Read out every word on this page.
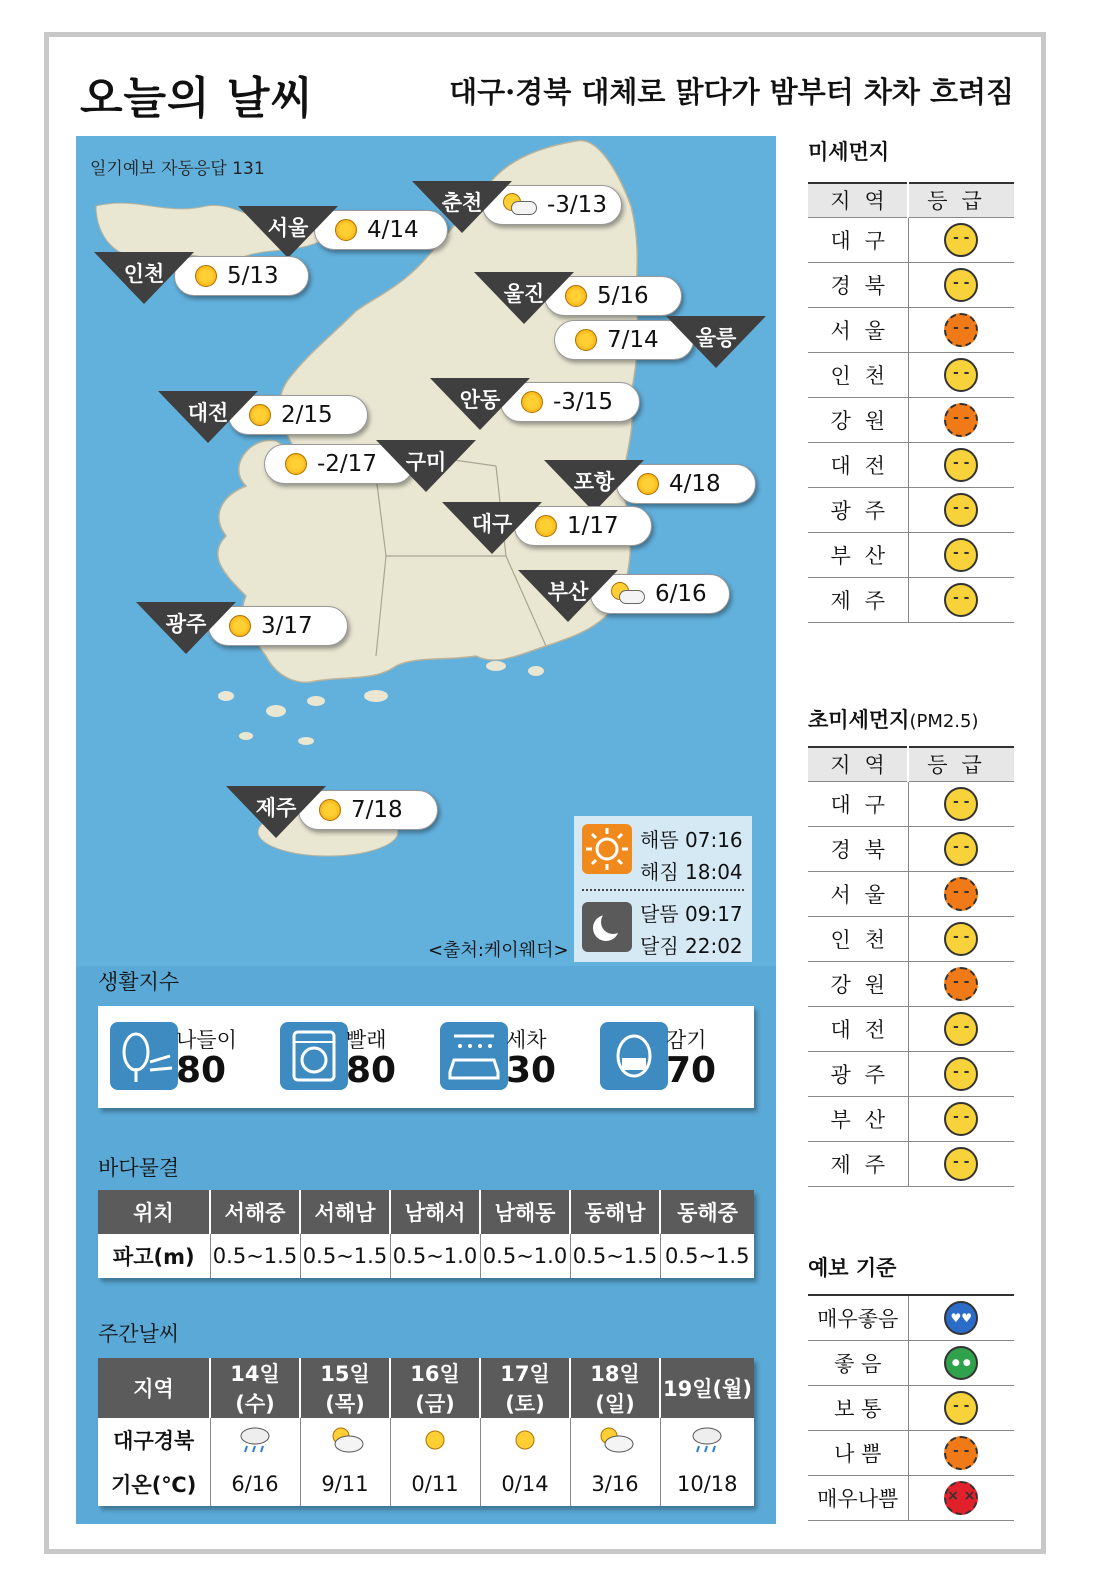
오늘의 날씨	대구·경북 대체로 맑다가 밤부터 차차 흐려짐
일기예보 자동응답 131
-3/13
춘천
4/14
서울
5/13
인천
5/16
울진
7/14	울릉
-3/15
안동
2/15
대전
-2/17	구미
4/18
포항
1/17
대구
6/16
부산
3/17
광주
7/18
제주
해뜸 07:16
해짐 18:04
달뜸 09:17
달짐 22:02
<출처:케이웨더>
생활지수
나들이
80
빨래
80
세차
30
감기
70
바다물결
위치	서해중	서해남	남해서	남해동	동해남	동해중
파고(m)	0.5~1.5	0.5~1.5	0.5~1.0	0.5~1.0	0.5~1.5	0.5~1.5
주간날씨
지역	14일(수)	15일(목)	16일(금)	17일(토)	18일(일)	19일(월)
대구경북						
기온(℃)	6/16	9/11	0/11	0/14	3/16	10/18
미세먼지
지역	등급
대구	- -
경북	- -
서울	- -
인천	- -
강원	- -
대전	- -
광주	- -
부산	- -
제주	- -
초미세먼지(PM2.5)
지역	등급
대구	- -
경북	- -
서울	- -
인천	- -
강원	- -
대전	- -
광주	- -
부산	- -
제주	- -
예보 기준
매우좋음	♥♥
좋 음	● ●
보 통	- -
나 쁨	- -
매우나쁨	× ×
